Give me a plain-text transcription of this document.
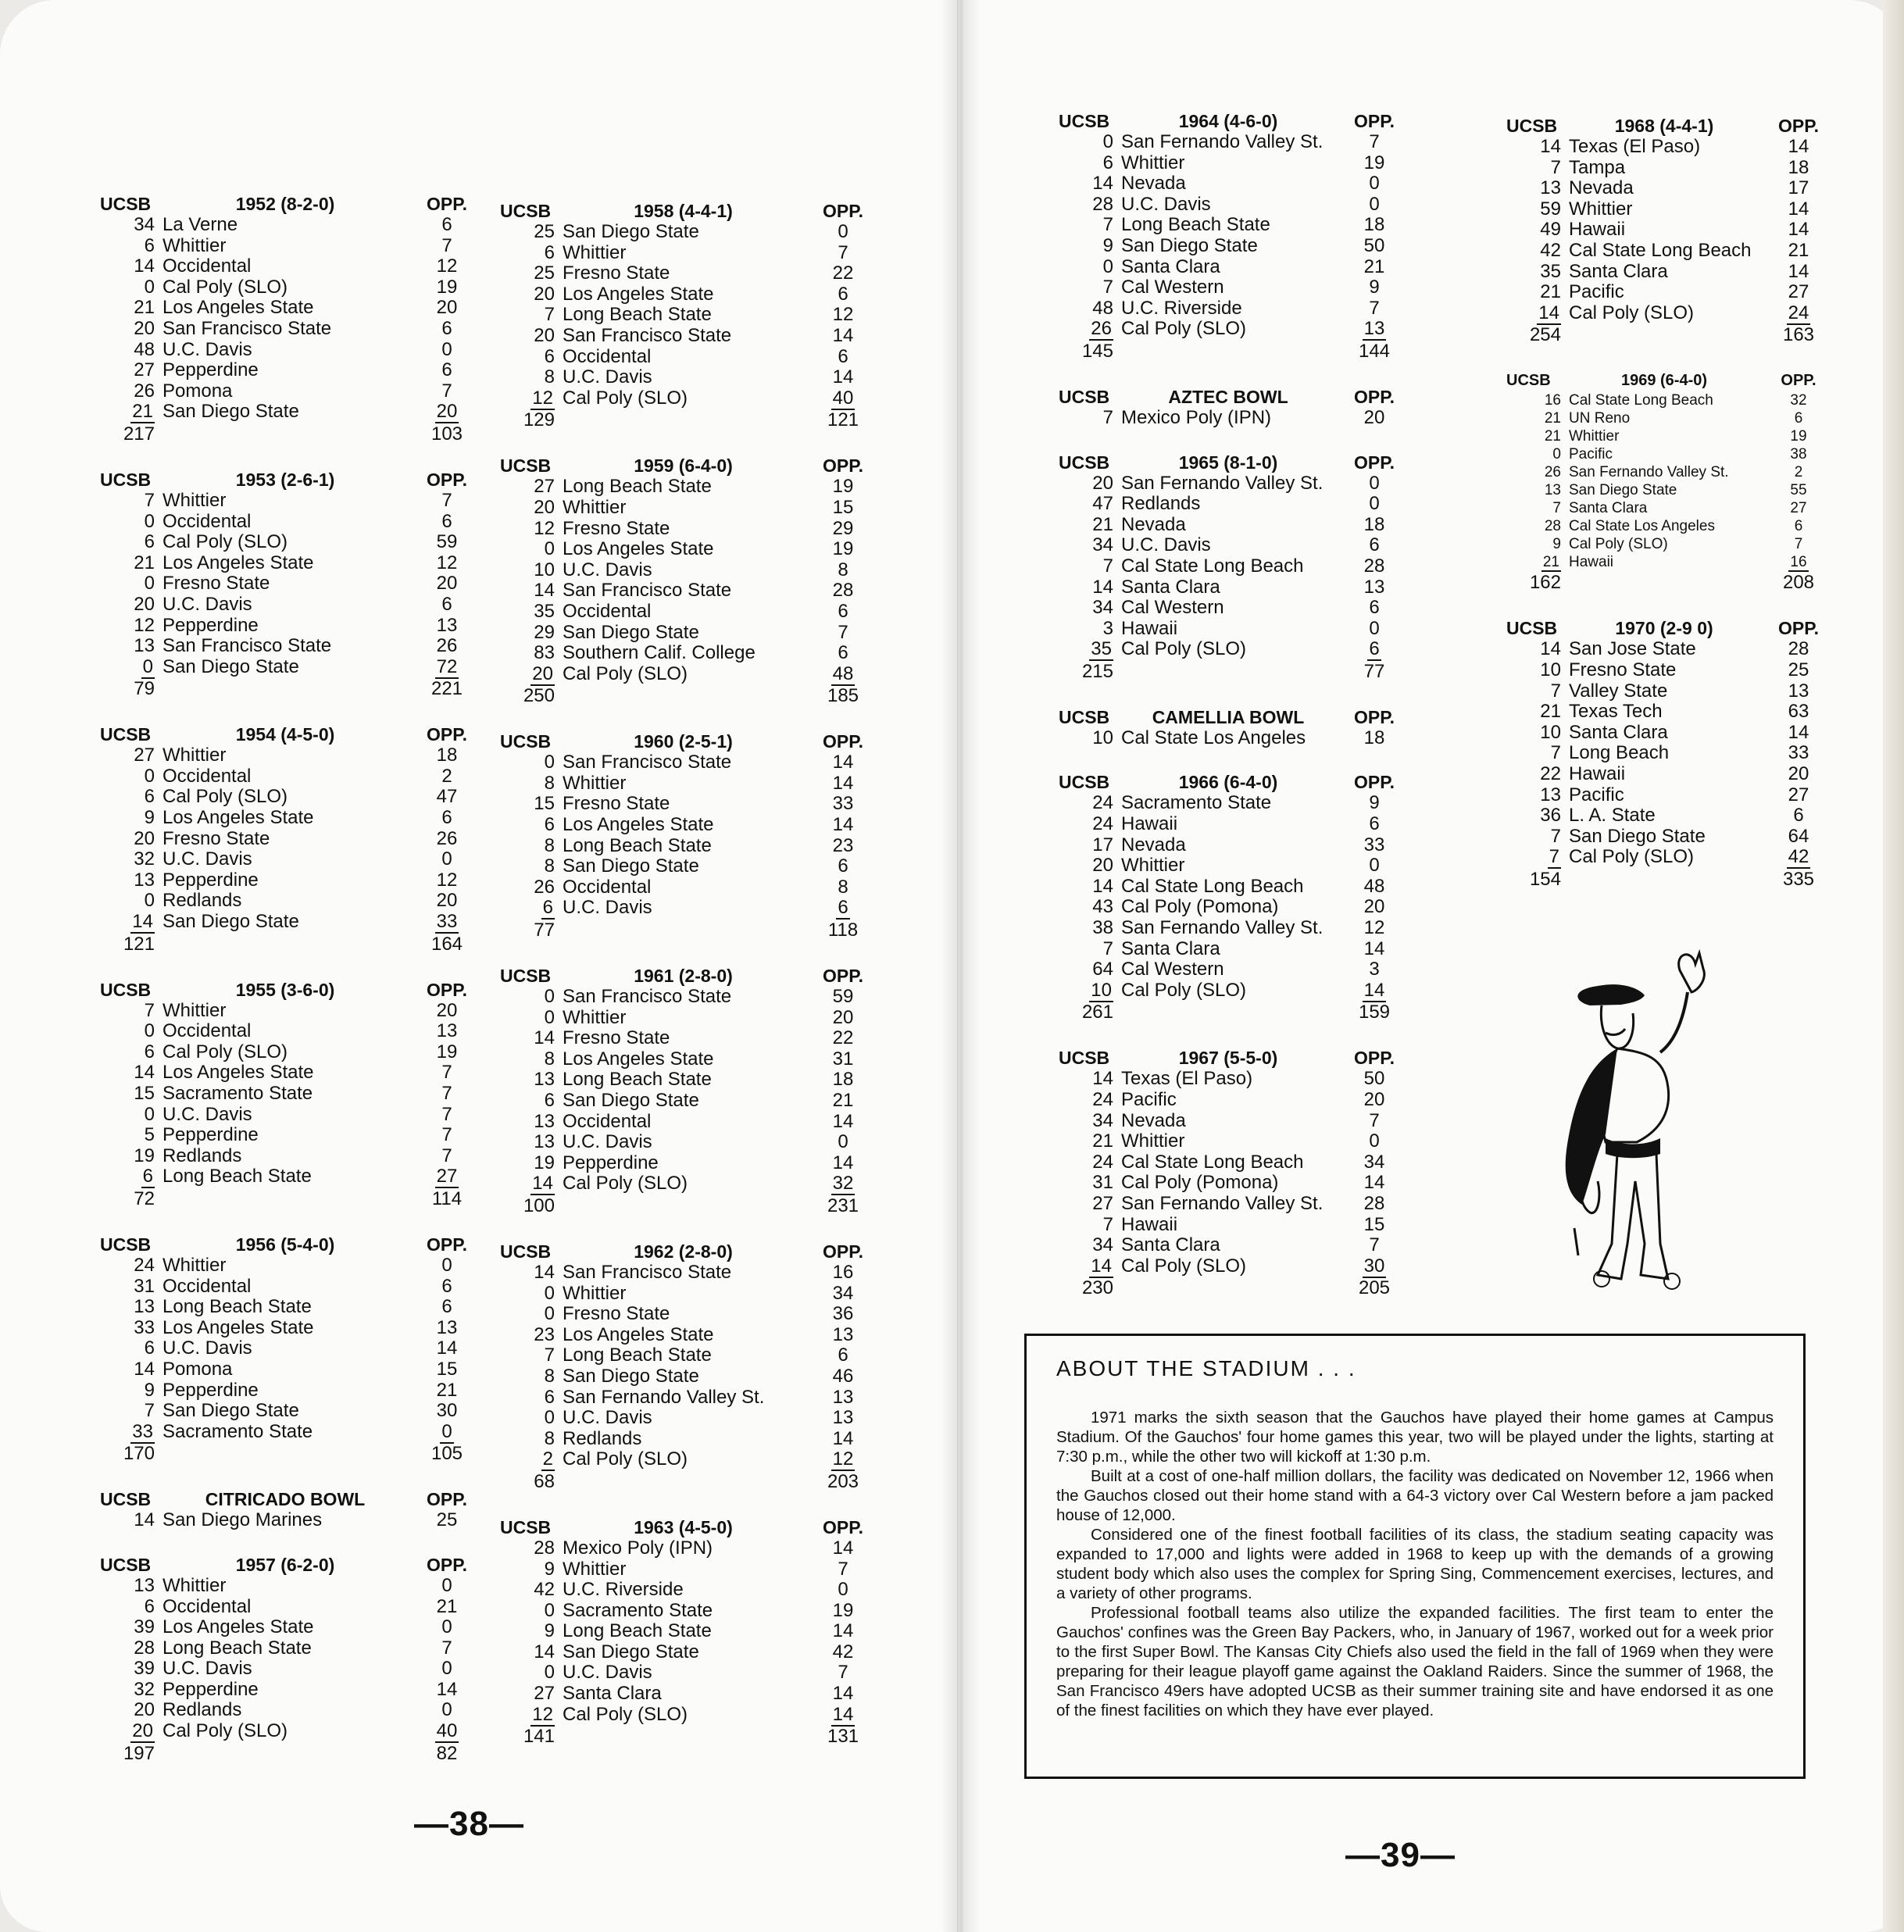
UCSB	1952 (8-2-0)	OPP.
34 La Verne	6
6 Whittier	7
14 Occidental	12
0 Cal Poly (SLO)	19
21 Los Angeles State	20
20 San Francisco State	6
48 U.C. Davis	0
27 Pepperdine	6
26 Pomona	7
21 San Diego State	20
217	103
UCSB	1953 (2-6-1)	OPP.
7 Whittier	7
0 Occidental	6
6 Cal Poly (SLO)	59
21 Los Angeles State	12
0 Fresno State	20
20 U.C. Davis	6
12 Pepperdine	13
13 San Francisco State	26
0 San Diego State	72
79	221
UCSB	1954 (4-5-0)	OPP.
27 Whittier	18
0 Occidental	2
6 Cal Poly (SLO)	47
9 Los Angeles State	6
20 Fresno State	26
32 U.C. Davis	0
13 Pepperdine	12
0 Redlands	20
14 San Diego State	33
121	164
UCSB	1955 (3-6-0)	OPP.
7 Whittier	20
0 Occidental	13
6 Cal Poly (SLO)	19
14 Los Angeles State	7
15 Sacramento State	7
0 U.C. Davis	7
5 Pepperdine	7
19 Redlands	7
6 Long Beach State	27
72	114
UCSB	1956 (5-4-0)	OPP.
24 Whittier	0
31 Occidental	6
13 Long Beach State	6
33 Los Angeles State	13
6 U.C. Davis	14
14 Pomona	15
9 Pepperdine	21
7 San Diego State	30
33 Sacramento State	0
170	105
UCSB	CITRICADO BOWL	OPP.
14 San Diego Marines	25
UCSB	1957 (6-2-0)	OPP.
13 Whittier	0
6 Occidental	21
39 Los Angeles State	0
28 Long Beach State	7
39 U.C. Davis	0
32 Pepperdine	14
20 Redlands	0
20 Cal Poly (SLO)	40
197	82
UCSB	1958 (4-4-1)	OPP.
25 San Diego State	0
6 Whittier	7
25 Fresno State	22
20 Los Angeles State	6
7 Long Beach State	12
20 San Francisco State	14
6 Occidental	6
8 U.C. Davis	14
12 Cal Poly (SLO)	40
129	121
UCSB	1959 (6-4-0)	OPP.
27 Long Beach State	19
20 Whittier	15
12 Fresno State	29
0 Los Angeles State	19
10 U.C. Davis	8
14 San Francisco State	28
35 Occidental	6
29 San Diego State	7
83 Southern Calif. College	6
20 Cal Poly (SLO)	48
250	185
UCSB	1960 (2-5-1)	OPP.
0 San Francisco State	14
8 Whittier	14
15 Fresno State	33
6 Los Angeles State	14
8 Long Beach State	23
8 San Diego State	6
26 Occidental	8
6 U.C. Davis	6
77	118
UCSB	1961 (2-8-0)	OPP.
0 San Francisco State	59
0 Whittier	20
14 Fresno State	22
8 Los Angeles State	31
13 Long Beach State	18
6 San Diego State	21
13 Occidental	14
13 U.C. Davis	0
19 Pepperdine	14
14 Cal Poly (SLO)	32
100	231
UCSB	1962 (2-8-0)	OPP.
14 San Francisco State	16
0 Whittier	34
0 Fresno State	36
23 Los Angeles State	13
7 Long Beach State	6
8 San Diego State	46
6 San Fernando Valley St.	13
0 U.C. Davis	13
8 Redlands	14
2 Cal Poly (SLO)	12
68	203
UCSB	1963 (4-5-0)	OPP.
28 Mexico Poly (IPN)	14
9 Whittier	7
42 U.C. Riverside	0
0 Sacramento State	19
9 Long Beach State	14
14 San Diego State	42
0 U.C. Davis	7
27 Santa Clara	14
12 Cal Poly (SLO)	14
141	131
UCSB	1964 (4-6-0)	OPP.
0 San Fernando Valley St.	7
6 Whittier	19
14 Nevada	0
28 U.C. Davis	0
7 Long Beach State	18
9 San Diego State	50
0 Santa Clara	21
7 Cal Western	9
48 U.C. Riverside	7
26 Cal Poly (SLO)	13
145	144
UCSB	AZTEC BOWL	OPP.
7 Mexico Poly (IPN)	20
UCSB	1965 (8-1-0)	OPP.
20 San Fernando Valley St.	0
47 Redlands	0
21 Nevada	18
34 U.C. Davis	6
7 Cal State Long Beach	28
14 Santa Clara	13
34 Cal Western	6
3 Hawaii	0
35 Cal Poly (SLO)	6
215	77
UCSB	CAMELLIA BOWL	OPP.
10 Cal State Los Angeles	18
UCSB	1966 (6-4-0)	OPP.
24 Sacramento State	9
24 Hawaii	6
17 Nevada	33
20 Whittier	0
14 Cal State Long Beach	48
43 Cal Poly (Pomona)	20
38 San Fernando Valley St.	12
7 Santa Clara	14
64 Cal Western	3
10 Cal Poly (SLO)	14
261	159
UCSB	1967 (5-5-0)	OPP.
14 Texas (El Paso)	50
24 Pacific	20
34 Nevada	7
21 Whittier	0
24 Cal State Long Beach	34
31 Cal Poly (Pomona)	14
27 San Fernando Valley St.	28
7 Hawaii	15
34 Santa Clara	7
14 Cal Poly (SLO)	30
230	205
UCSB	1968 (4-4-1)	OPP.
14 Texas (El Paso)	14
7 Tampa	18
13 Nevada	17
59 Whittier	14
49 Hawaii	14
42 Cal State Long Beach	21
35 Santa Clara	14
21 Pacific	27
14 Cal Poly (SLO)	24
254	163
UCSB	1969 (6-4-0)	OPP.
16 Cal State Long Beach	32
21 UN Reno	6
21 Whittier	19
0 Pacific	38
26 San Fernando Valley St.	2
13 San Diego State	55
7 Santa Clara	27
28 Cal State Los Angeles	6
9 Cal Poly (SLO)	7
21 Hawaii	16
162	208
UCSB	1970 (2-9 0)	OPP.
14 San Jose State	28
10 Fresno State	25
7 Valley State	13
21 Texas Tech	63
10 Santa Clara	14
7 Long Beach	33
22 Hawaii	20
13 Pacific	27
36 L. A. State	6
7 San Diego State	64
7 Cal Poly (SLO)	42
154	335
—38—
—39—
ABOUT THE STADIUM . . .

1971 marks the sixth season that the Gauchos have played their home games at Campus Stadium. Of the Gauchos' four home games this year, two will be played under the lights, starting at 7:30 p.m., while the other two will kickoff at 1:30 p.m.

Built at a cost of one-half million dollars, the facility was dedicated on November 12, 1966 when the Gauchos closed out their home stand with a 64-3 victory over Cal Western before a jam packed house of 12,000.

Considered one of the finest football facilities of its class, the stadium seating capacity was expanded to 17,000 and lights were added in 1968 to keep up with the demands of a growing student body which also uses the complex for Spring Sing, Commencement exercises, lectures, and a variety of other programs.

Professional football teams also utilize the expanded facilities. The first team to enter the Gauchos' confines was the Green Bay Packers, who, in January of 1967, worked out for a week prior to the first Super Bowl. The Kansas City Chiefs also used the field in the fall of 1969 when they were preparing for their league playoff game against the Oakland Raiders. Since the summer of 1968, the San Francisco 49ers have adopted UCSB as their summer training site and have endorsed it as one of the finest facilities on which they have ever played.
